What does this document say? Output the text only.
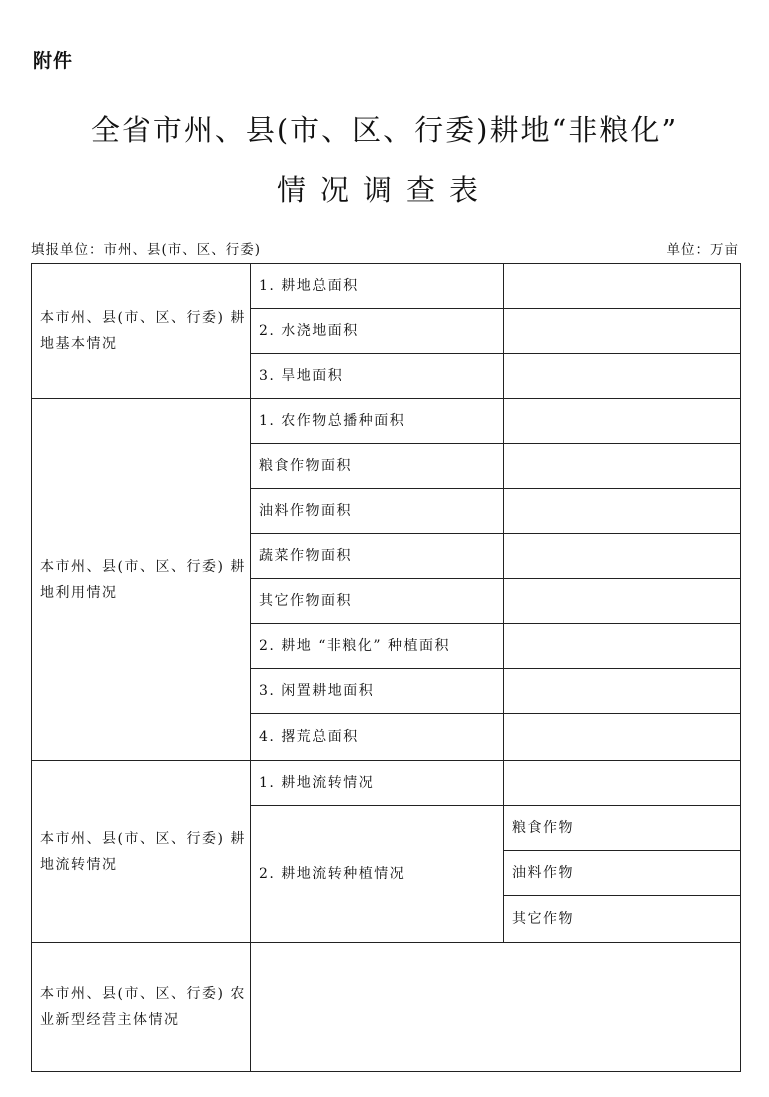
附件
全省市州、县(市、区、行委)耕地“非粮化”
情况调查表
填报单位：市州、县(市、区、行委)	单位：万亩
本市州、县(市、区、行委) 耕地基本情况	1. 耕地总面积	
	2. 水浇地面积	
	3. 旱地面积	
本市州、县(市、区、行委) 耕地利用情况	1. 农作物总播种面积	
	粮食作物面积	
	油料作物面积	
	蔬菜作物面积	
	其它作物面积	
	2. 耕地 “非粮化” 种植面积	
	3. 闲置耕地面积	
	4. 撂荒总面积	
本市州、县(市、区、行委) 耕地流转情况	1. 耕地流转情况	
	2. 耕地流转种植情况	粮食作物
		油料作物
		其它作物
本市州、县(市、区、行委) 农业新型经营主体情况		
